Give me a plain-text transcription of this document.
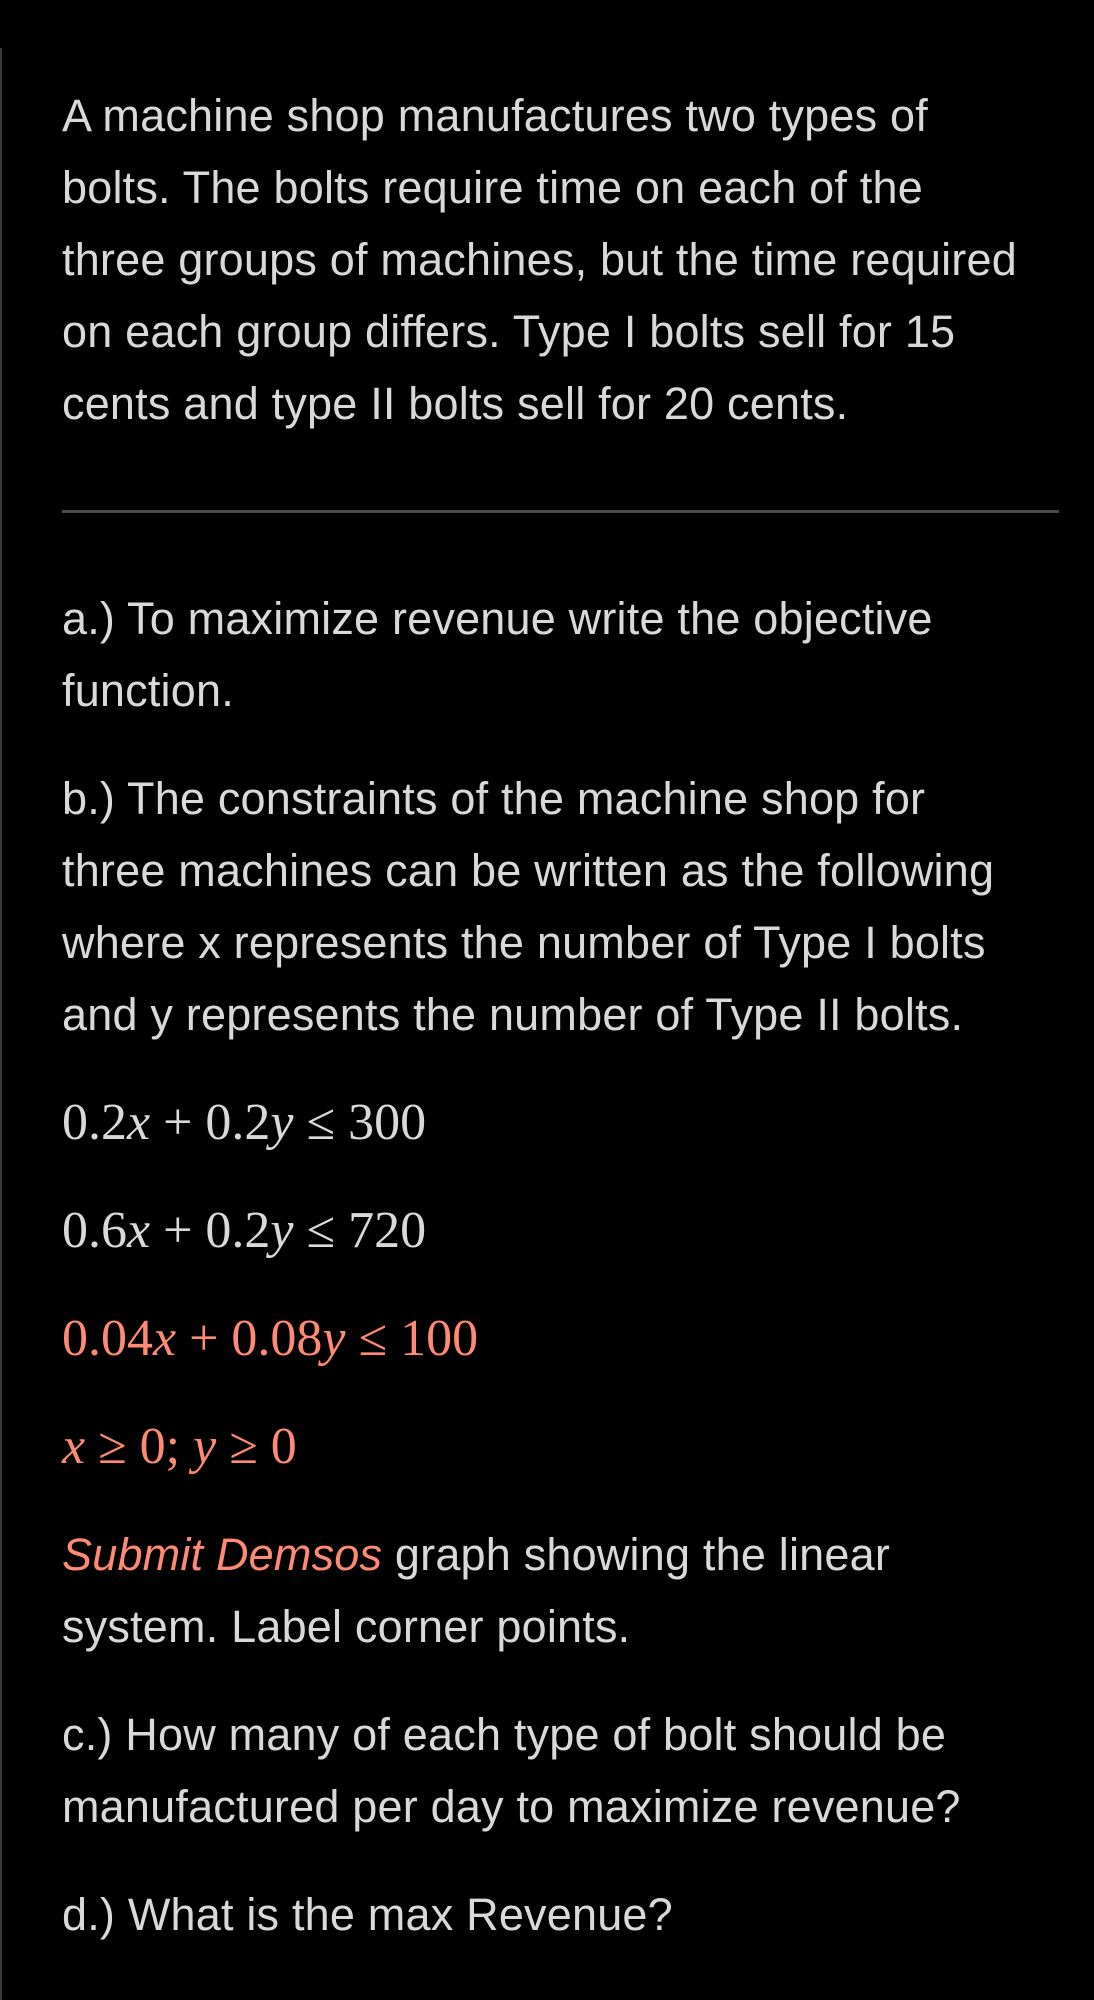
A machine shop manufactures two types of

bolts. The bolts require time on each of the

three groups of machines, but the time required

on each group differs. Type I bolts sell for 15

cents and type II bolts sell for 20 cents.

a.) To maximize revenue write the objective

function.

b.) The constraints of the machine shop for

three machines can be written as the following

where x represents the number of Type I bolts

and y represents the number of Type II bolts.

0.2x + 0.2y ≤ 300

0.6x + 0.2y ≤ 720

0.04x + 0.08y ≤ 100

x ≥ 0; y ≥ 0

Submit Demsos graph showing the linear

system. Label corner points.

c.) How many of each type of bolt should be

manufactured per day to maximize revenue?

d.) What is the max Revenue?
